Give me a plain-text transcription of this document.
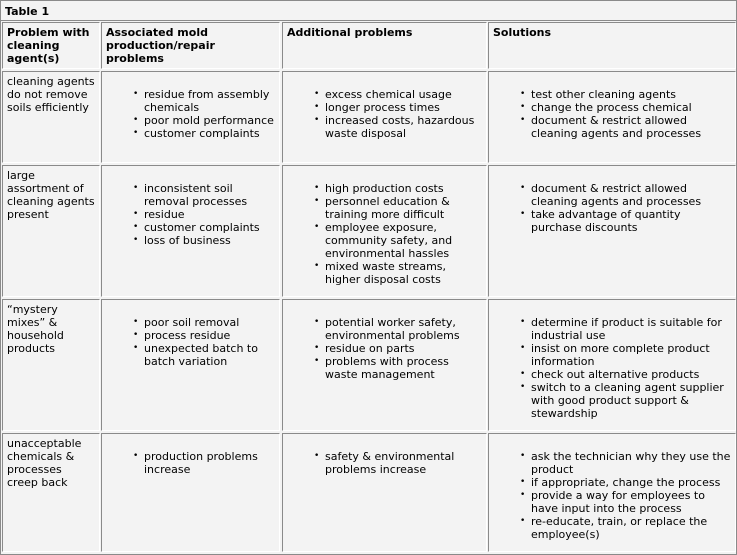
Table 1
Problem with cleaning agent(s)
Associated mold production/repair problems
Additional problems	Solutions
cleaning agents do not remove soils efficiently
• residue from assembly chemicals
• poor mold performance
• customer complaints
• excess chemical usage
• longer process times
• increased costs, hazardous waste disposal
• test other cleaning agents
• change the process chemical
• document & restrict allowed cleaning agents and processes
large assortment of cleaning agents present
• inconsistent soil removal processes
• residue
• customer complaints
• loss of business
• high production costs
• personnel education & training more difficult
• employee exposure, community safety, and environmental hassles
• mixed waste streams, higher disposal costs
• document & restrict allowed cleaning agents and processes
• take advantage of quantity purchase discounts
“mystery mixes” & household products
• poor soil removal
• process residue
• unexpected batch to batch variation
• potential worker safety, environmental problems
• residue on parts
• problems with process waste management
• determine if product is suitable for industrial use
• insist on more complete product information
• check out alternative products
• switch to a cleaning agent supplier with good product support & stewardship
unacceptable chemicals & processes creep back
• production problems increase
• safety & environmental problems increase
• ask the technician why they use the product
• if appropriate, change the process
• provide a way for employees to have input into the process
• re-educate, train, or replace the employee(s)
